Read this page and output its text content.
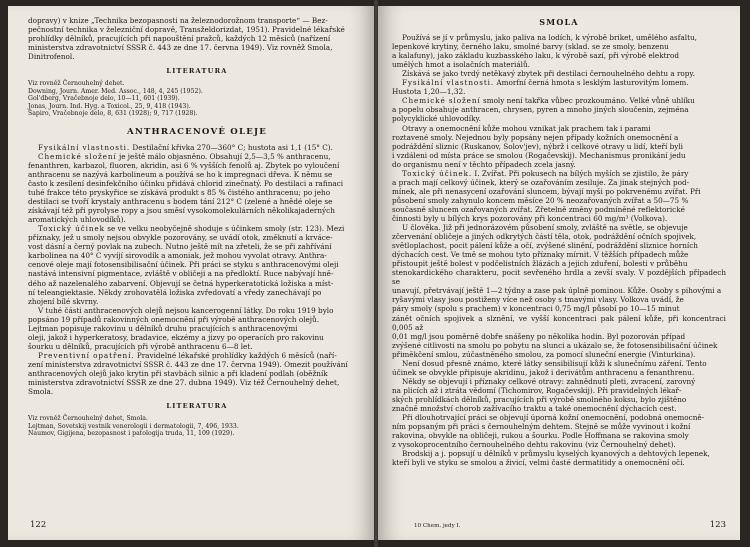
dopravy) v knize „Technika bezopasnosti na železnodorožnom transporte“ — Bez-

pečnostní technika v železniční dopravě, Transželdorizdat, 1951). Pravidelné lékařské

prohlídky dělníků, pracujících při napouštění pražců, každých 12 měsíců (nařízení

ministerstva zdravotnictví SSSR č. 443 ze dne 17. června 1949). Viz rovněž Smola,

Dinitrofenol.

LITERATURA

Viz rovněž Černouhelný dehet.

Downing, Journ. Amer. Med. Assoc., 148, 4, 245 (1952).

Gol'dberg, Vračebnoje delo, 10—11, 601 (1939).

Jonas, Journ. Ind. Hyg. a Toxicol., 25, 9, 418 (1943).

Šapiro, Vračebnoje delo, 8, 631 (1928); 9, 717 (1928).

ANTHRACENOVÉ OLEJE

Fysikální vlastnosti. Destilační křivka 270—360° C; hustota asi 1,1 (15° C).

Chemické složení je ještě málo objasněno. Obsahují 2,5—3,5 % anthracenu,

fenanthren, karbazol, fluoren, akridin, asi 6 % vyšších fenolů aj. Zbytek po vyloučení

anthracenu se nazývá karbolineum a používá se ho k impregnaci dřeva. K němu se

často k zesílení desinfekčního účinku přidává chlorid zinečnatý. Po destilaci a rafinaci

tuhé frakce této pryskyřice se získává produkt s 85 % čistého anthracenu; po jeho

destilaci se tvoří krystaly anthracenu s bodem tání 212° C (zelené a hnědé oleje se

získávají též při pyrolyse ropy a jsou směsí vysokomolekulárních několikajaderných

aromatických uhlovodíků).

Toxický účinek se ve velku neobyčejně shoduje s účinkem smoly (str. 123). Mezi

příznaky, jež u smoly nejsou obvykle pozorovány, se uvádí otok, změknutí a krváce-

vost dásní a černý povlak na zubech. Nutno ještě mít na zřeteli, že se při zahřívání

karbolinea na 40° C vyvíjí sirovodík a amoniak, jež mohou vyvolat otravy. Anthra-

cenové oleje mají fotosensibilisační účinek. Při práci se styku s anthracenovými oleji

nastává intensivní pigmentace, zvláště v obličeji a na předloktí. Ruce nabývají hně-

dého až nazelenalého zabarvení. Objevují se četná hyperkeratotická ložiska a míst-

ní teleangiektasie. Někdy zrohovatělá ložiska zvředovatí a vředy zanechávají po

zhojení bílé skvrny.

V tuhé části anthracenových olejů nejsou kancerogenní látky. Do roku 1919 bylo

popsáno 19 případů rakovinných onemocnění při výrobě anthracenových olejů.

Lejtman popisuje rakovinu u dělníků druhu pracujících s anthracenovými

oleji, jakož i hyperkeratosy, bradavice, ekzémy a jizvy po operacích pro rakovinu

šourku u dělníků, pracujících při výrobě anthracenu 6—8 let.

Preventivní opatření. Pravidelné lékařské prohlídky každých 6 měsíců (naří-

zení ministerstva zdravotnictví SSSR č. 443 ze dne 17. června 1949). Omezit používání

anthracenových olejů jako krytin při stavbách silnic a při kladení podlah (oběžník

ministerstva zdravotnictví SSSR ze dne 27. dubna 1949). Viz též Černouhelný dehet,

Smola.

LITERATURA

Viz rovněž Černouhelný dehet, Smola.

Lejtman, Sovetskij vestnik venerologii i dermatologii, 7, 496, 1933.

Naumov, Gigijena, bezopasnost i patologija truda, 11, 109 (1929).

122

SMOLA

Používá se jí v průmyslu, jako paliva na lodích, k výrobě briket, umělého asfaltu,

lepenkové krytiny, černého laku, smolné barvy (sklad. se ze smoly, benzenu

a kalafuny), jako základu kuzbasského laku, k výrobě sazí, při výrobě elektrod

umělých hmot a isolačních materiálů.

Získává se jako tvrdý netěkavý zbytek při destilaci černouhelného dehtu a ropy.

Fysikální vlastnosti. Amorfní černá hmota s lesklým lasturovitým lomem.

Hustota 1,20—1,32.

Chemické složení smoly není takřka vůbec prozkoumáno. Velké vůně uhlíku

a popelu obsahuje anthracen, chrysen, pyren a mnoho jiných sloučenin, zejména

polycyklické uhlovodíky.

Otravy a onemocnění kůže mohou vznikat jak prachem tak i parami

roztavené smoly. Nejednou byly popsány nejen případy kožních onemocnění a

podráždění sliznic (Ruskanov, Solov'jev), nýbrž i celkové otravy u lidí, kteří byli

i vzdáleni od místa práce se smolou (Rogačevskij). Mechanismus pronikání jedu

do organismu není v těchto případech zcela jasný.

Toxický účinek. I. Zvířat. Při pokusech na bílých myších se zjistilo, že páry

a prach mají celkový účinek, který se ozařováním zesiluje. Za jinak stejných pod-

mínek, ale při nenasycení ozařování sluncem, bývají myši po pokrvenému zvířat. Při

působení smoly zahynulo koncem měsíce 20 % neozařovaných zvířat a 50—75 %

současně sluncem ozařovaných zvířat. Zřetelně změny podmíněné reflektorické

činnosti byly u bílých krys pozorovány při koncentraci 60 mg/m³ (Volkova).

U člověka. Již při jednorázovém působení smoly, zvláště na světle, se objevuje

zčervenání obličeje a jiných odkrytých částí těla, otok, podráždění očních spojivek,

světloplachost, pocit pálení kůže a očí, zvýšené slinění, podráždění sliznice horních

dýchacích cest. Ve tmě se mohou tyto příznaky mírnit. V těžších případech může

přistoupit ještě bolest v podčelistních žlázách a jejich zduření, bolesti v průběhu

stenokardického charakteru, pocit sevřeného hrdla a zevší svaly. V pozdějších případech se

unavují, přetrvávají ještě 1—2 týdny a zase pak úplně pominou. Kůže. Osoby s pihovými a

ryšavými vlasy jsou postiženy více než osoby s tmavými vlasy. Volkova uvádí, že

páry smoly (spolu s prachem) v koncentraci 0,75 mg/l působí po 10—15 minut

zánět očních spojivek a slznění, ve vyšší koncentraci pak pálení kůže, při koncentraci 0,005 až

0,01 mg/l jsou poměrně dobře snášeny po několika hodin. Byl pozorován případ

zvýšené citlivosti na smolu po pobytu na slunci a ukázalo se, že fotosensibilisační účinek

přiměkčení smlou, zúčastněného smolou, za pomocí sluneční energie (Vinturkina).

Není dosud přesně známo, které látky sensibilisují kůži k slunečnímu záření. Tento

účinek se obvykle připisuje akridinu, jakož i derivátům anthracenu a fenanthrenu.

Někdy se objevují i příznaky celkové otravy: zahnědnutí pleti, zvracení, zarovný

na plicích až i ztráta vědomí (Tichomirov, Rogačevskij). Při pravidelných lékař-

ských prohlídkách dělníků, pracujících při výrobě smolného koksu, bylo zjištěno

značně množství chorob zažívacího traktu a také onemocnění dýchacích cest.

Při dlouhotrvající práci se objevují úporná kožní onemocnění, podobná onemocně-

ním popsaným při práci s černouhelným dehtem. Stejně se může vyvinout i kožní

rakovina, obvykle na obličeji, rukou a šourku. Podle Hoffmana se rakovina smoly

z vysokoprocentního černouhelného dehtu rakovinu (viz Černouhelný dehet).

Brodskij a j. popsují u dělníků v průmyslu kyselých kyanových a dehtových lepenek,

kteří byli ve styku se smolou a živicí, velmi časté dermatitidy a onemocnění očí.

10 Chem. jedy I.	123
